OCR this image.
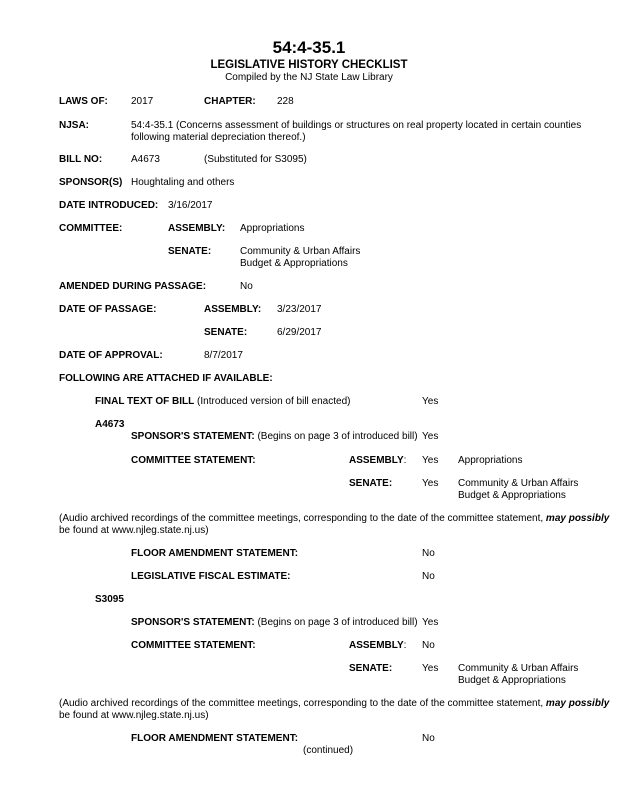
54:4-35.1
LEGISLATIVE HISTORY CHECKLIST
Compiled by the NJ State Law Library
LAWS OF: 2017	CHAPTER: 228
NJSA:	54:4-35.1 (Concerns assessment of buildings or structures on real property located in certain counties
following material depreciation thereof.)
BILL NO:	A4673	(Substituted for S3095)
SPONSOR(S) Houghtaling and others
DATE INTRODUCED: 3/16/2017
COMMITTEE:	ASSEMBLY: Appropriations
SENATE:	Community & Urban Affairs
Budget & Appropriations
AMENDED DURING PASSAGE:	No
DATE OF PASSAGE:	ASSEMBLY: 3/23/2017
SENATE:	6/29/2017
DATE OF APPROVAL:	8/7/2017
FOLLOWING ARE ATTACHED IF AVAILABLE:
FINAL TEXT OF BILL (Introduced version of bill enacted)	Yes
A4673
SPONSOR'S STATEMENT: (Begins on page 3 of introduced bill) Yes
COMMITTEE STATEMENT:	ASSEMBLY: Yes Appropriations
SENATE:	Yes Community & Urban Affairs
Budget & Appropriations
(Audio archived recordings of the committee meetings, corresponding to the date of the committee statement, may possibly
be found at www.njleg.state.nj.us)
FLOOR AMENDMENT STATEMENT:	No
LEGISLATIVE FISCAL ESTIMATE:	No
S3095
SPONSOR'S STATEMENT: (Begins on page 3 of introduced bill) Yes
COMMITTEE STATEMENT:	ASSEMBLY: No
SENATE:	Yes Community & Urban Affairs
Budget & Appropriations
(Audio archived recordings of the committee meetings, corresponding to the date of the committee statement, may possibly
be found at www.njleg.state.nj.us)
FLOOR AMENDMENT STATEMENT:	No
(continued)
